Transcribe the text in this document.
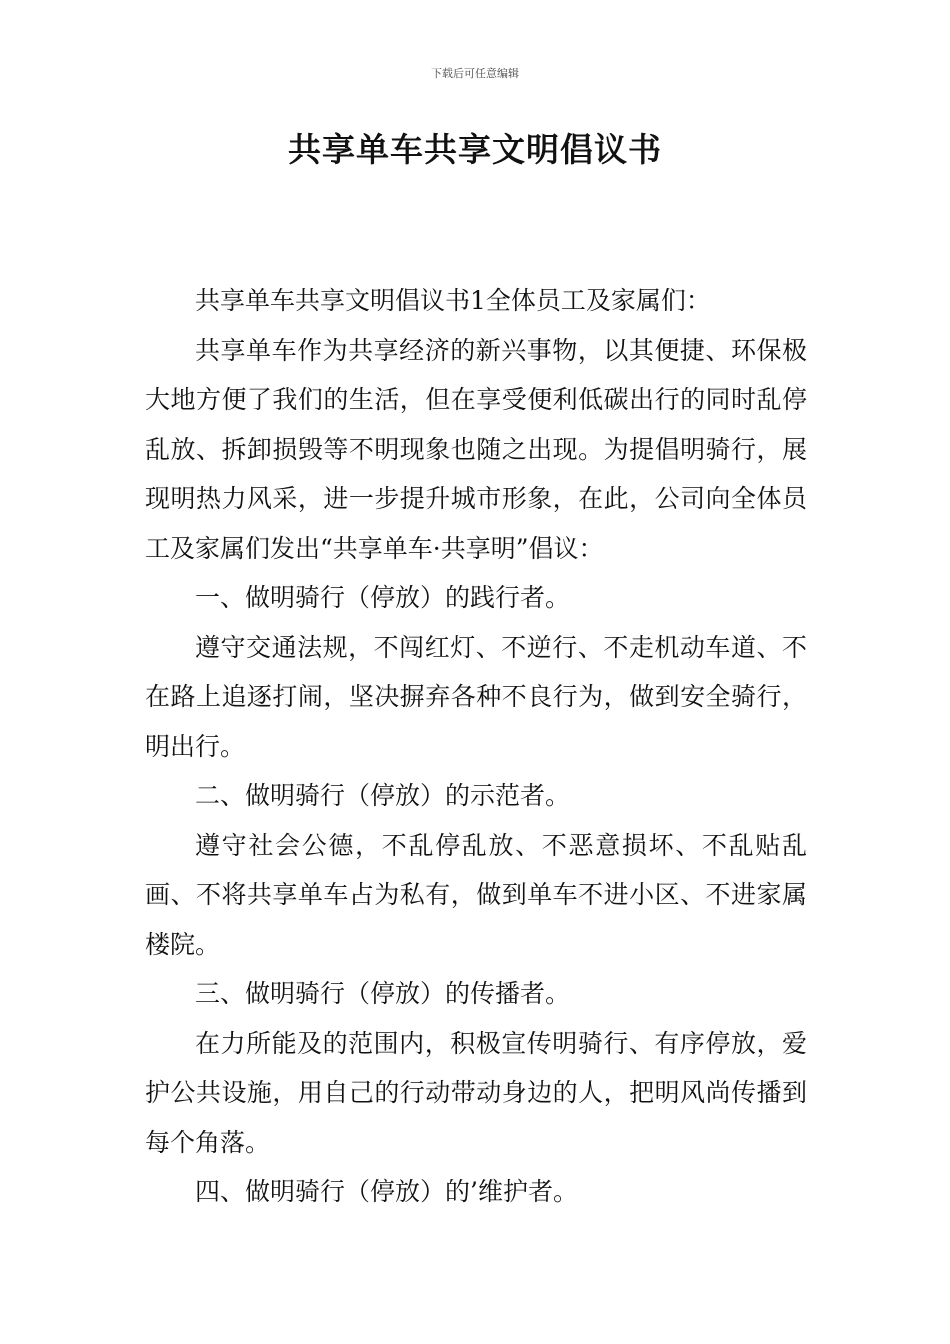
下载后可任意编辑
共享单车共享文明倡议书

共享单车共享文明倡议书1全体员工及家属们：

共享单车作为共享经济的新兴事物，以其便捷、环保极大地方便了我们的生活，但在享受便利低碳出行的同时乱停乱放、拆卸损毁等不明现象也随之出现。为提倡明骑行，展现明热力风采，进一步提升城市形象，在此，公司向全体员工及家属们发出“共享单车·共享明”倡议：

一、做明骑行（停放）的践行者。

遵守交通法规，不闯红灯、不逆行、不走机动车道、不在路上追逐打闹，坚决摒弃各种不良行为，做到安全骑行，明出行。

二、做明骑行（停放）的示范者。

遵守社会公德，不乱停乱放、不恶意损坏、不乱贴乱画、不将共享单车占为私有，做到单车不进小区、不进家属楼院。

三、做明骑行（停放）的传播者。

在力所能及的范围内，积极宣传明骑行、有序停放，爱护公共设施，用自己的行动带动身边的人，把明风尚传播到每个角落。

四、做明骑行（停放）的’维护者。
